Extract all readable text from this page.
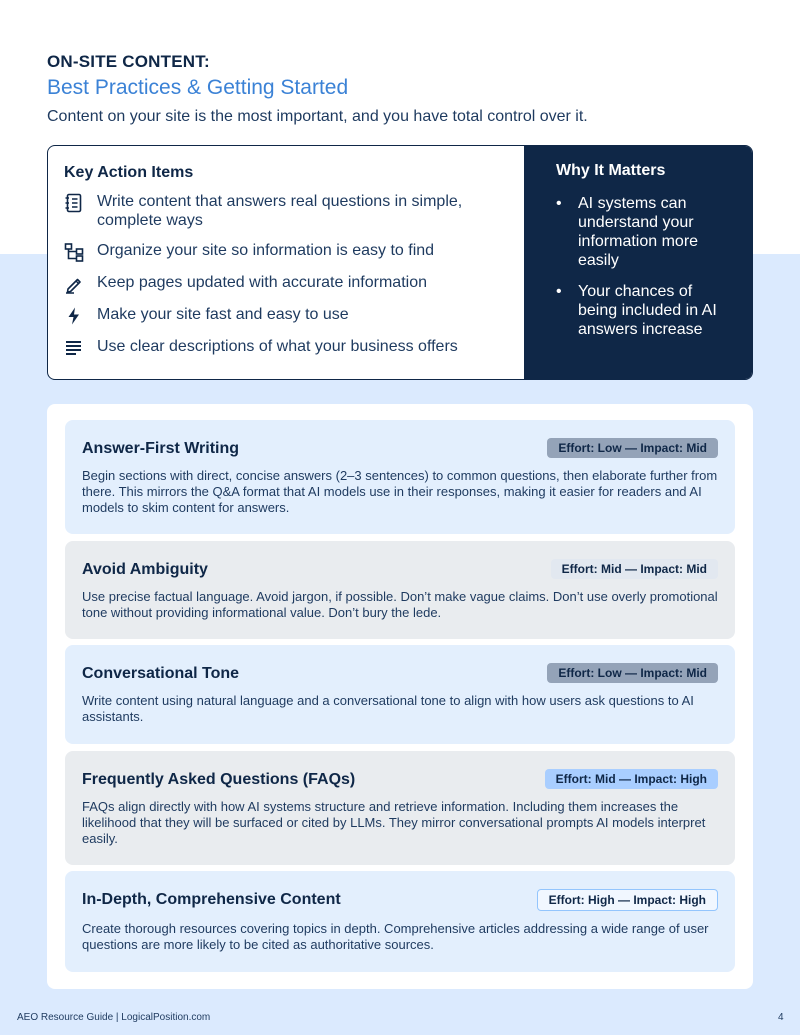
ON-SITE CONTENT:
Best Practices & Getting Started
Content on your site is the most important, and you have total control over it.
Key Action Items
Write content that answers real questions in simple, complete ways
Organize your site so information is easy to find
Keep pages updated with accurate information
Make your site fast and easy to use
Use clear descriptions of what your business offers
Why It Matters
•	AI systems can understand your information more easily
•	Your chances of being included in AI answers increase
Answer-First Writing	Effort: Low — Impact: Mid
Begin sections with direct, concise answers (2–3 sentences) to common questions, then elaborate further from there. This mirrors the Q&A format that AI models use in their responses, making it easier for readers and AI models to skim content for answers.
Avoid Ambiguity	Effort: Mid — Impact: Mid
Use precise factual language. Avoid jargon, if possible. Don’t make vague claims. Don’t use overly promotional tone without providing informational value. Don’t bury the lede.
Conversational Tone	Effort: Low — Impact: Mid
Write content using natural language and a conversational tone to align with how users ask questions to AI assistants.
Frequently Asked Questions (FAQs)	Effort: Mid — Impact: High
FAQs align directly with how AI systems structure and retrieve information. Including them increases the likelihood that they will be surfaced or cited by LLMs. They mirror conversational prompts AI models interpret easily.
In-Depth, Comprehensive Content	Effort: High — Impact: High
Create thorough resources covering topics in depth. Comprehensive articles addressing a wide range of user questions are more likely to be cited as authoritative sources.
AEO Resource Guide | LogicalPosition.com	4
